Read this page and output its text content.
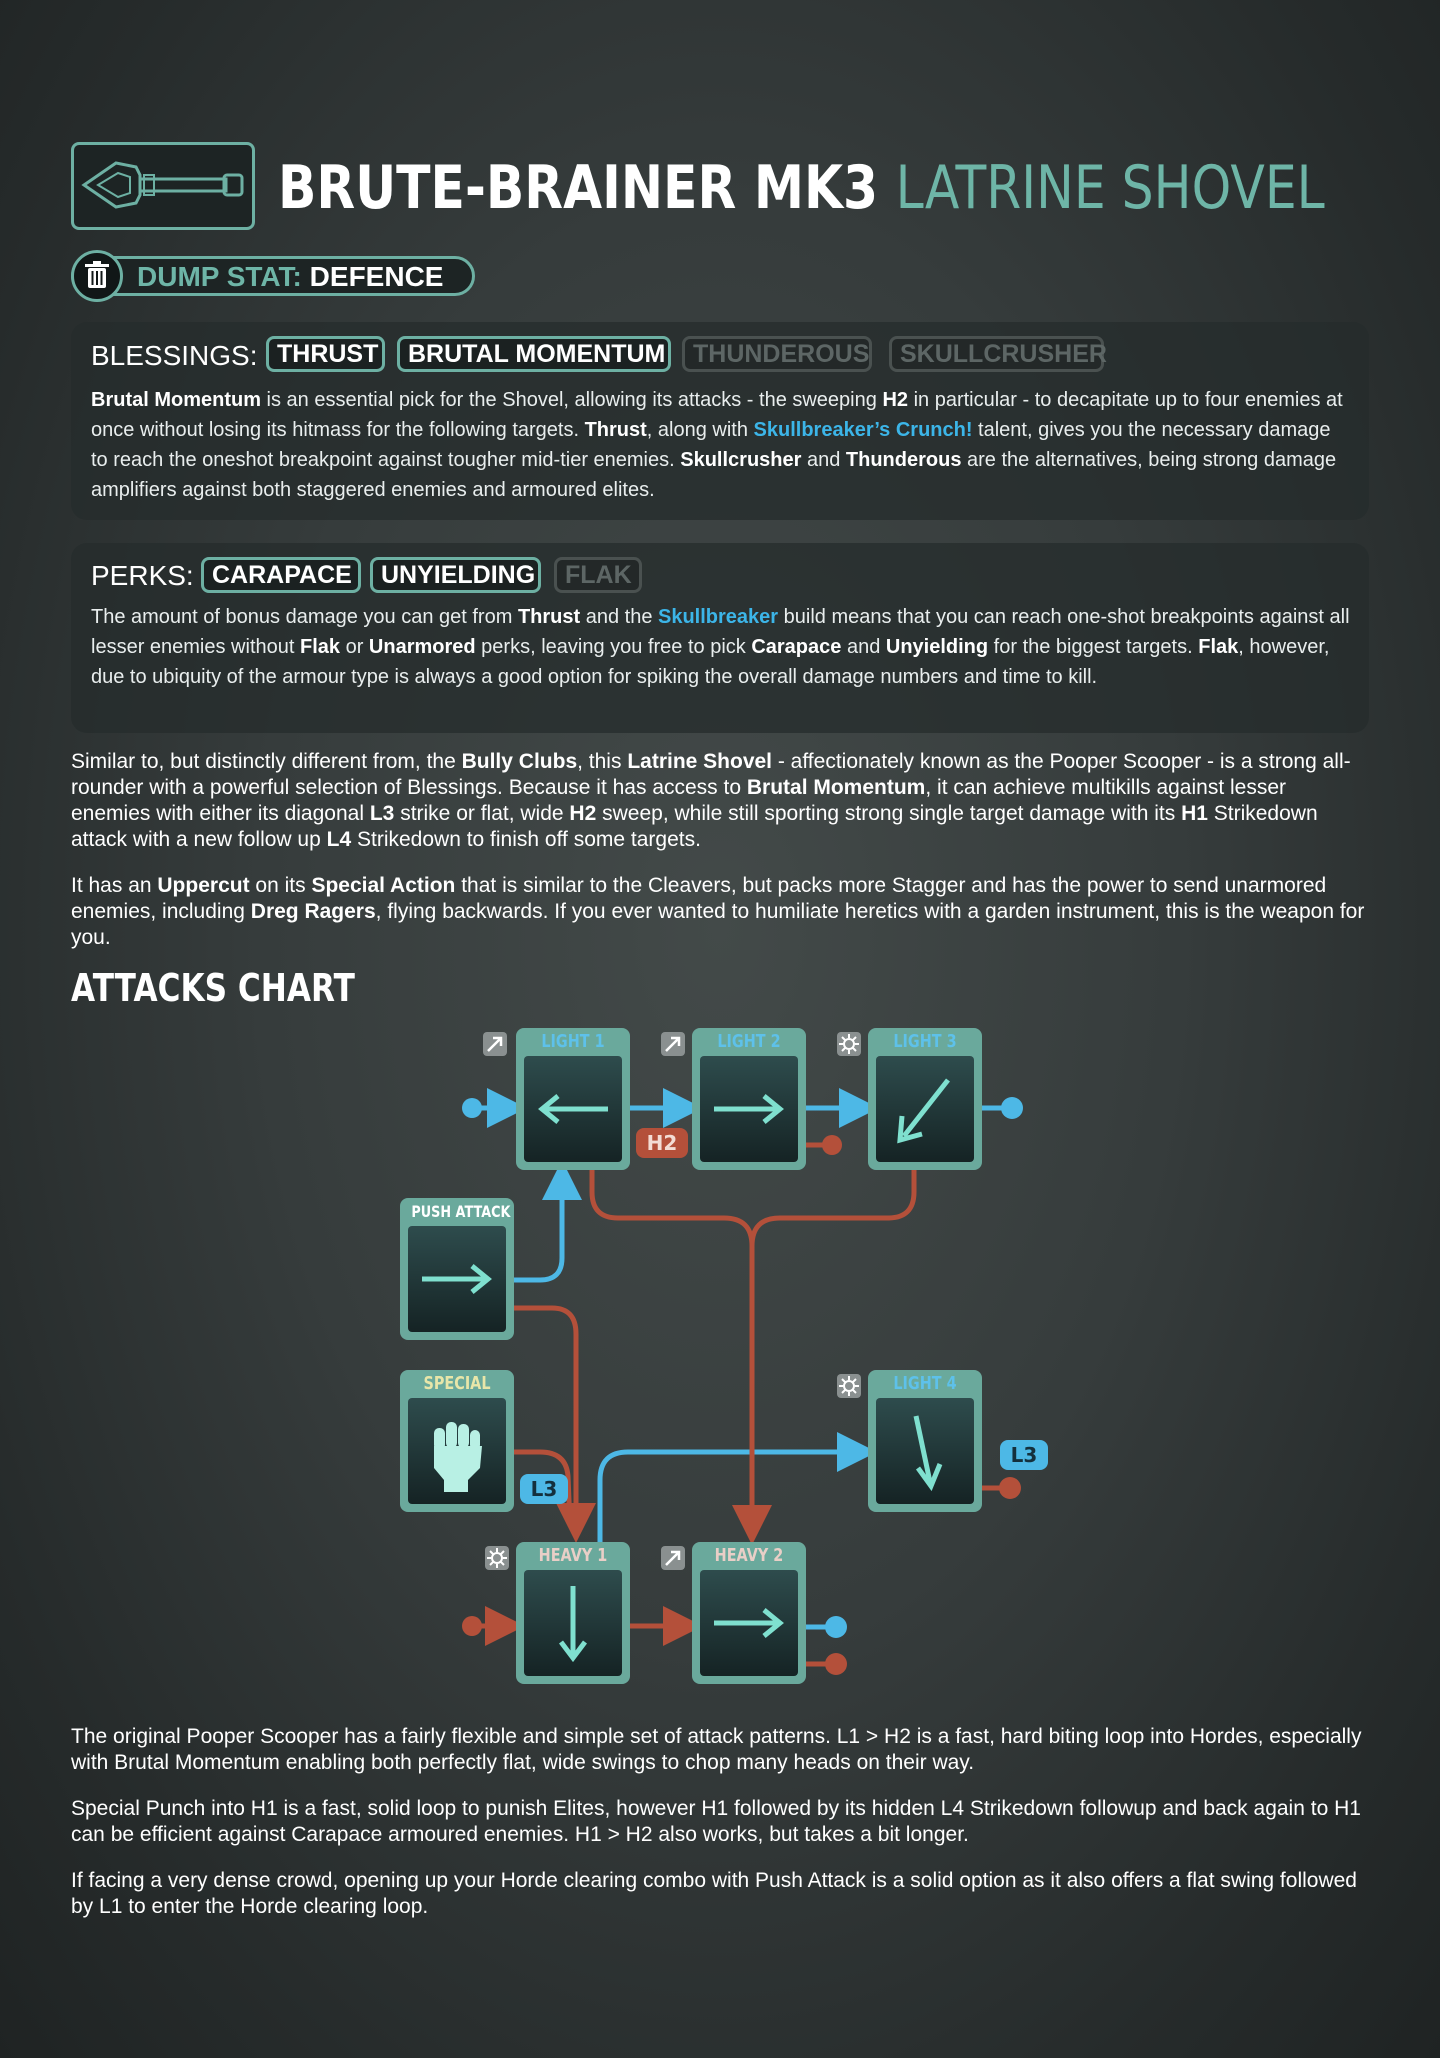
BRUTE-BRAINER MK3 LATRINE SHOVEL
DUMP STAT: DEFENCE
BLESSINGS: THRUST	BRUTAL MOMENTUM	THUNDEROUS	SKULLCRUSHER
Brutal Momentum is an essential pick for the Shovel, allowing its attacks - the sweeping H2 in particular - to decapitate up to four enemies at once without losing its hitmass for the following targets. Thrust, along with Skullbreaker’s Crunch! talent, gives you the necessary damage to reach the oneshot breakpoint against tougher mid-tier enemies. Skullcrusher and Thunderous are the alternatives, being strong damage amplifiers against both staggered enemies and armoured elites.
PERKS: CARAPACE	UNYIELDING	FLAK
The amount of bonus damage you can get from Thrust and the Skullbreaker build means that you can reach one-shot breakpoints against all lesser enemies without Flak or Unarmored perks, leaving you free to pick Carapace and Unyielding for the biggest targets. Flak, however, due to ubiquity of the armour type is always a good option for spiking the overall damage numbers and time to kill.
Similar to, but distinctly different from, the Bully Clubs, this Latrine Shovel - affectionately known as the Pooper Scooper - is a strong all-rounder with a powerful selection of Blessings. Because it has access to Brutal Momentum, it can achieve multikills against lesser enemies with either its diagonal L3 strike or flat, wide H2 sweep, while still sporting strong single target damage with its H1 Strikedown attack with a new follow up L4 Strikedown to finish off some targets.
It has an Uppercut on its Special Action that is similar to the Cleavers, but packs more Stagger and has the power to send unarmored enemies, including Dreg Ragers, flying backwards. If you ever wanted to humiliate heretics with a garden instrument, this is the weapon for you.
ATTACKS CHART
LIGHT 1	LIGHT 2	LIGHT 3
H2
PUSH ATTACK
SPECIAL
L3
LIGHT 4
L3
HEAVY 1	HEAVY 2
The original Pooper Scooper has a fairly flexible and simple set of attack patterns. L1 > H2 is a fast, hard biting loop into Hordes, especially with Brutal Momentum enabling both perfectly flat, wide swings to chop many heads on their way.
Special Punch into H1 is a fast, solid loop to punish Elites, however H1 followed by its hidden L4 Strikedown followup and back again to H1 can be efficient against Carapace armoured enemies. H1 > H2 also works, but takes a bit longer.
If facing a very dense crowd, opening up your Horde clearing combo with Push Attack is a solid option as it also offers a flat swing followed by L1 to enter the Horde clearing loop.
